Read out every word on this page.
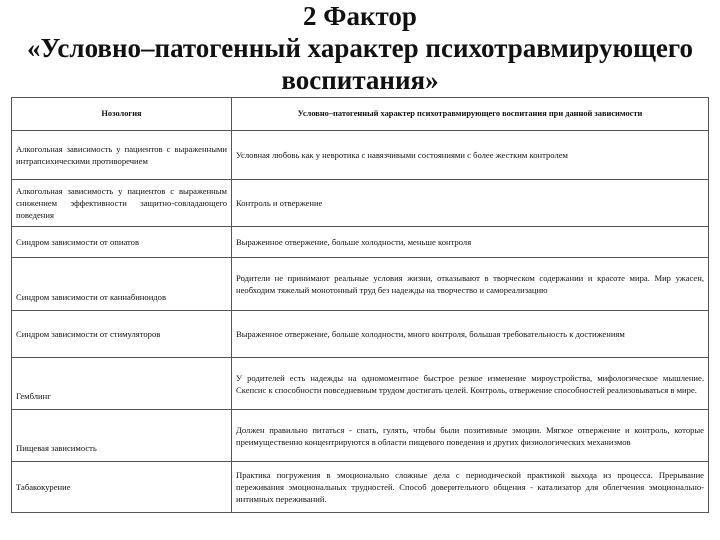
2 Фактор
«Условно–патогенный характер психотравмирующего
воспитания»
Нозология	Условно–патогенный характер психотравмирующего воспитания при данной зависимости
Алкогольная зависимость у пациентов с выраженными интрапсихическими противоречием	Условная любовь как у невротика с навязчивыми состояниями с более жестким контролем
Алкогольная зависимость у пациентов с выраженным снижением эффективности защитно-совладающего поведения	Контроль и отвержение
Синдром зависимости от опиатов	Выраженное отвержение, больше холодности, меньше контроля
Синдром зависимости от каннабиноидов	Родители не принимают реальные условия жизни, отказывают в творческом содержании и красоте мира. Мир ужасен, необходим тяжелый монотонный труд без надежды на творчество и самореализацию
Синдром зависимости от стимуляторов	Выраженное отвержение, больше холодности, много контроля, большая требовательность к достижениям
Гемблинг	У родителей есть надежды на одномоментное быстрое резкое изменение мироустройства, мифологическое мышление. Скепсис к способности повседневным трудом достигать целей. Контроль, отвержение способностей реализовываться в мире.
Пищевая зависимость	Должен правильно питаться - спать, гулять, чтобы были позитивные эмоции. Мягкое отвержение и контроль, которые преимущественно концентрируются в области пищевого поведения и других физиологических механизмов
Табакокурение	Практика погружения в эмоционально сложные дела с периодической практикой выхода из процесса. Прерывание переживания эмоциональных трудностей. Способ доверительного общения - катализатор для облегчения эмоционально-интимных переживаний.
